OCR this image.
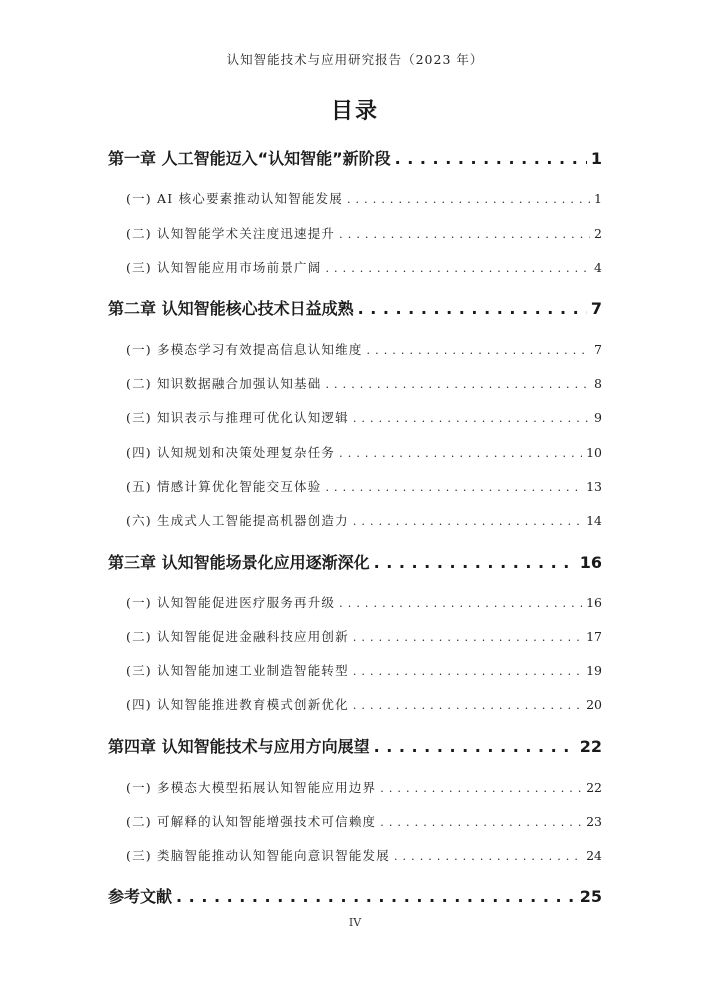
认知智能技术与应用研究报告（2023 年）
目录
第一章 人工智能迈入“认知智能”新阶段 . . .	1
(一) AI 核心要素推动认知智能发展 . . .	1
(二) 认知智能学术关注度迅速提升 . . .	2
(三) 认知智能应用市场前景广阔 . . .	4
第二章 认知智能核心技术日益成熟 . . .	7
(一) 多模态学习有效提高信息认知维度 . . .	7
(二) 知识数据融合加强认知基础 . . .	8
(三) 知识表示与推理可优化认知逻辑 . . .	9
(四) 认知规划和决策处理复杂任务 . . .	10
(五) 情感计算优化智能交互体验 . . .	13
(六) 生成式人工智能提高机器创造力 . . .	14
第三章 认知智能场景化应用逐渐深化 . . .	16
(一) 认知智能促进医疗服务再升级 . . .	16
(二) 认知智能促进金融科技应用创新 . . .	17
(三) 认知智能加速工业制造智能转型 . . .	19
(四) 认知智能推进教育模式创新优化 . . .	20
第四章 认知智能技术与应用方向展望 . . .	22
(一) 多模态大模型拓展认知智能应用边界 . . .	22
(二) 可解释的认知智能增强技术可信赖度 . . .	23
(三) 类脑智能推动认知智能向意识智能发展 . . .	24
参考文献 . . .	25
IV
